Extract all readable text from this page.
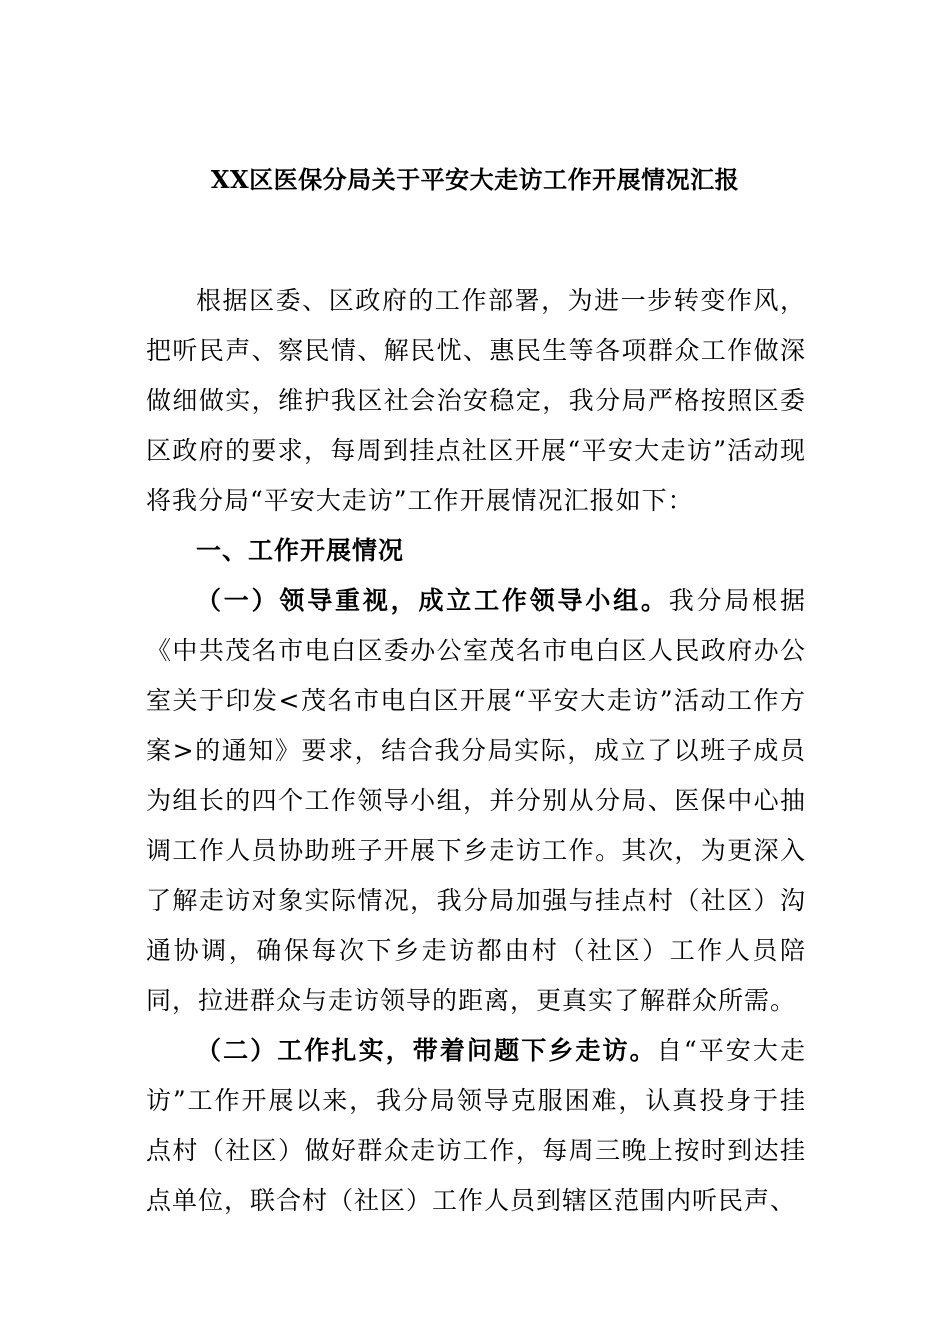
XX区医保分局关于平安大走访工作开展情况汇报

根据区委、区政府的工作部署，为进一步转变作风，把听民声、察民情、解民忧、惠民生等各项群众工作做深做细做实，维护我区社会治安稳定，我分局严格按照区委区政府的要求，每周到挂点社区开展“平安大走访”活动现将我分局“平安大走访”工作开展情况汇报如下：

一、工作开展情况

（一）领导重视，成立工作领导小组。我分局根据《中共茂名市电白区委办公室茂名市电白区人民政府办公室关于印发<茂名市电白区开展“平安大走访”活动工作方案>的通知》要求，结合我分局实际，成立了以班子成员为组长的四个工作领导小组，并分别从分局、医保中心抽调工作人员协助班子开展下乡走访工作。其次，为更深入了解走访对象实际情况，我分局加强与挂点村（社区）沟通协调，确保每次下乡走访都由村（社区）工作人员陪同，拉进群众与走访领导的距离，更真实了解群众所需。

（二）工作扎实，带着问题下乡走访。自“平安大走访”工作开展以来，我分局领导克服困难，认真投身于挂点村（社区）做好群众走访工作，每周三晚上按时到达挂点单位，联合村（社区）工作人员到辖区范围内听民声、
